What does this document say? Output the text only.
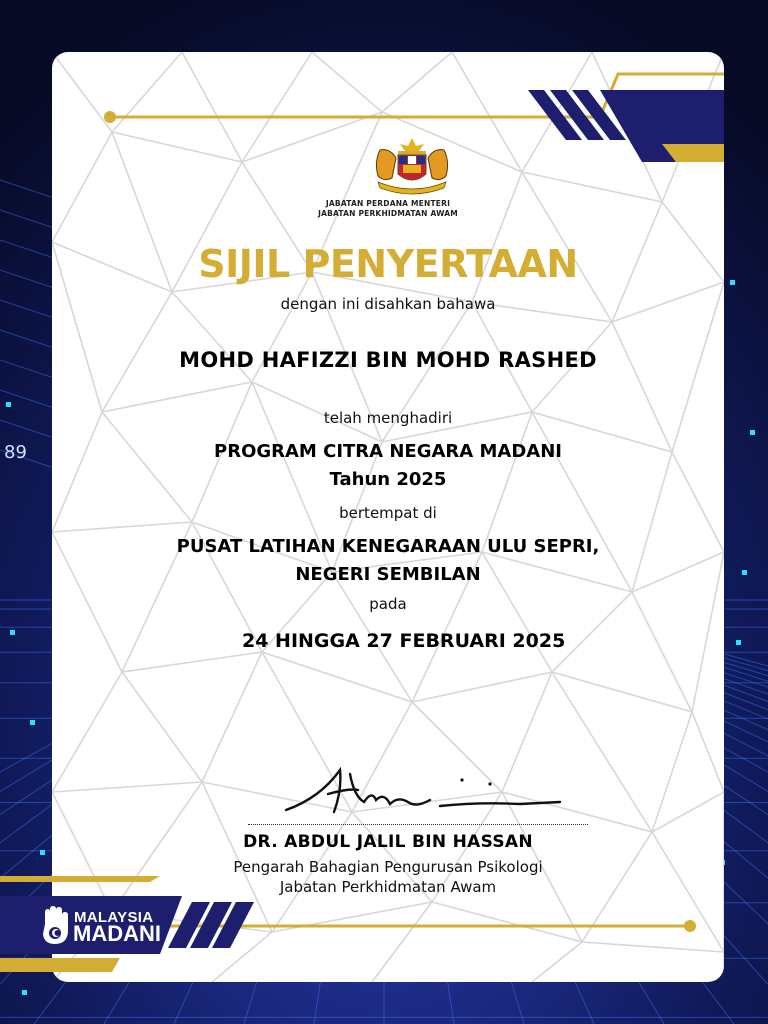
89
JABATAN PERDANA MENTERI
JABATAN PERKHIDMATAN AWAM
SIJIL PENYERTAAN
dengan ini disahkan bahawa
MOHD HAFIZZI BIN MOHD RASHED
telah menghadiri
PROGRAM CITRA NEGARA MADANI
Tahun 2025
bertempat di
PUSAT LATIHAN KENEGARAAN ULU SEPRI,
NEGERI SEMBILAN
pada
24 HINGGA 27 FEBRUARI 2025
DR. ABDUL JALIL BIN HASSAN
Pengarah Bahagian Pengurusan Psikologi
Jabatan Perkhidmatan Awam
MALAYSIA
MADANI
